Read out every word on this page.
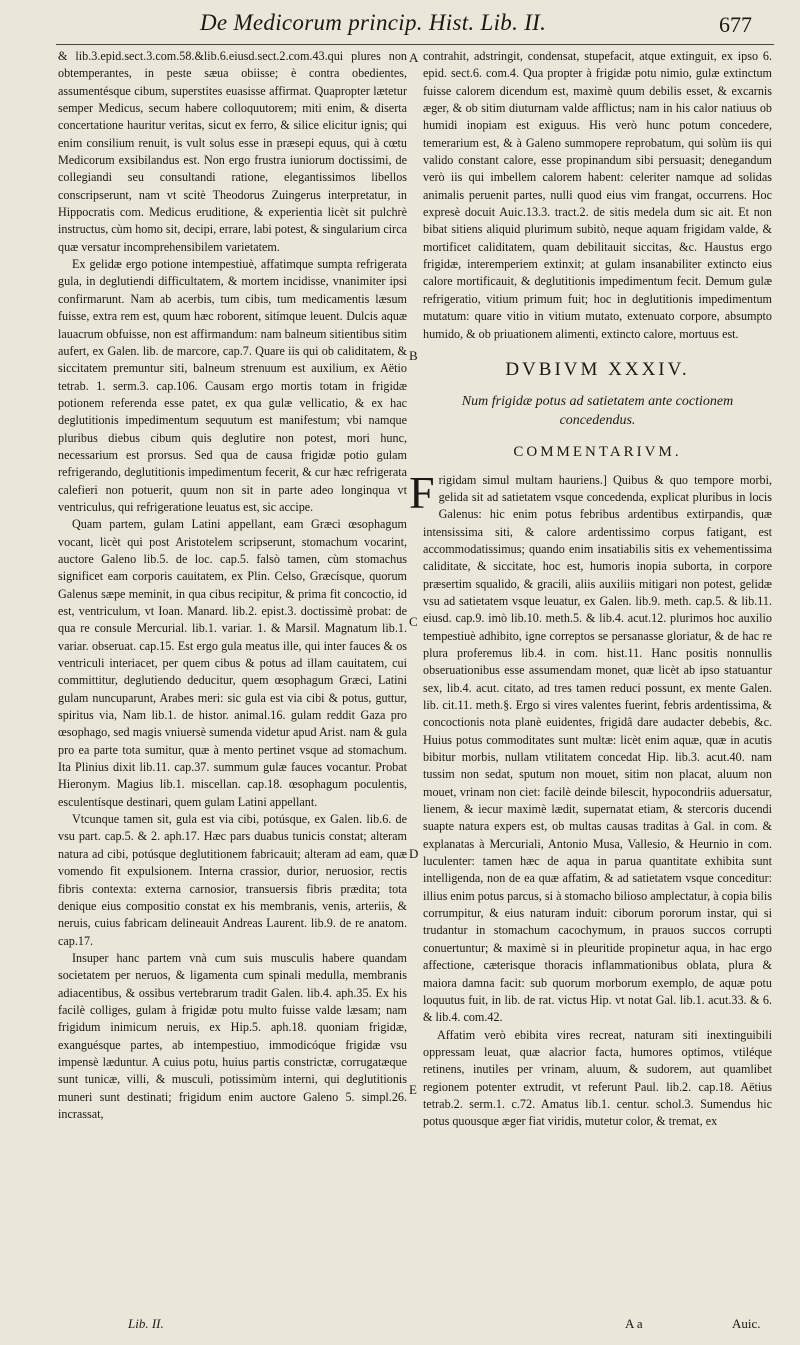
De Medicorum princip. Hist. Lib. II.	677

& lib.3.epid.sect.3.com.58.&lib.6.eiusd.sect.2.com.43.qui plures non obtemperantes, in peste sæua obiisse; è contra obedientes, assumentésque cibum, superstites euasisse affirmat. Quapropter lætetur semper Medicus, secum habere colloquutorem; miti enim, & diserta concertatione hauritur veritas, sicut ex ferro, & silice elicitur ignis; qui enim consilium renuit, is vult solus esse in præsepi equus, qui à cœtu Medicorum exsibilandus est. Non ergo frustra iuniorum doctissimi, de collegiandi seu consultandi ratione, elegantissimos libellos conscripserunt, nam vt scitè Theodorus Zuingerus interpretatur, in Hippocratis com. Medicus eruditione, & experientia licèt sit pulchrè instructus, cùm homo sit, decipi, errare, labi potest, & singularium circa quæ versatur incomprehensibilem varietatem.

Ex gelidæ ergo potione intempestiuè, affatimque sumpta refrigerata gula, in deglutiendi difficultatem, & mortem incidisse, vnanimiter ipsi confirmarunt. Nam ab acerbis, tum cibis, tum medicamentis læsum fuisse, extra rem est, quum hæc roborent, sitímque leuent. Dulcis aquæ lauacrum obfuisse, non est affirmandum: nam balneum sitientibus sitim aufert, ex Galen. lib. de marcore, cap.7. Quare iis qui ob caliditatem, & siccitatem premuntur siti, balneum strenuum est auxilium, ex Aëtio tetrab. 1. serm.3. cap.106. Causam ergo mortis totam in frigidæ potionem referenda esse patet, ex qua gulæ vellicatio, & ex hac deglutitionis impedimentum sequutum est manifestum; vbi namque pluribus diebus cibum quis deglutire non potest, mori hunc, necessarium est prorsus. Sed qua de causa frigidæ potio gulam refrigerando, deglutitionis impedimentum fecerit, & cur hæc refrigerata calefieri non potuerit, quum non sit in parte adeo longinqua vt ventriculus, qui refrigeratione leuatus est, sic accipe.

Quam partem, gulam Latini appellant, eam Græci œsophagum vocant, licèt qui post Aristotelem scripserunt, stomachum vocarint, auctore Galeno lib.5. de loc. cap.5. falsò tamen, cùm stomachus significet eam corporis cauitatem, ex Plin. Celso, Græcísque, quorum Galenus sæpe meminit, in qua cibus recipitur, & prima fit concoctio, id est, ventriculum, vt Ioan. Manard. lib.2. epist.3. doctissimè probat: de qua re consule Mercurial. lib.1. variar. 1. & Marsil. Magnatum lib.1. variar. obseruat. cap.15. Est ergo gula meatus ille, qui inter fauces & os ventriculi interiacet, per quem cibus & potus ad illam cauitatem, cui committitur, deglutiendo deducitur, quem œsophagum Græci, Latini gulam nuncuparunt, Arabes meri: sic gula est via cibi & potus, guttur, spiritus via, Nam lib.1. de histor. animal.16. gulam reddit Gaza pro œsophago, sed magis vniuersè sumenda videtur apud Arist. nam & gula pro ea parte tota sumitur, quæ à mento pertinet vsque ad stomachum. Ita Plinius dixit lib.11. cap.37. summum gulæ fauces vocantur. Probat Hieronym. Magius lib.1. miscellan. cap.18. œsophagum poculentis, esculentísque destinari, quem gulam Latini appellant.

Vtcunque tamen sit, gula est via cibi, potúsque, ex Galen. lib.6. de vsu part. cap.5. & 2. aph.17. Hæc pars duabus tunicis constat; alteram natura ad cibi, potúsque deglutitionem fabricauit; alteram ad eam, quæ vomendo fit expulsionem. Interna crassior, durior, neruosior, rectis fibris contexta: externa carnosior, transuersis fibris prædita; tota denique eius compositio constat ex his membranis, venis, arteriis, & neruis, cuius fabricam delineauit Andreas Laurent. lib.9. de re anatom. cap.17.

Insuper hanc partem vnà cum suis musculis habere quandam societatem per neruos, & ligamenta cum spinali medulla, membranis adiacentibus, & ossibus vertebrarum tradit Galen. lib.4. aph.35. Ex his facilè colliges, gulam à frigidæ potu multo fuisse valde læsam; nam frigidum inimicum neruis, ex Hip.5. aph.18. quoniam frigidæ, exanguésque partes, ab intempestiuo, immodicóque frigidæ vsu impensè læduntur. A cuius potu, huius partis constrictæ, corrugatæque sunt tunicæ, villi, & musculi, potissimùm interni, qui deglutitionis muneri sunt destinati; frigidum enim auctore Galeno 5. simpl.26. incrassat,

A
B
C
D
E

contrahit, adstringit, condensat, stupefacit, atque extinguit, ex ipso 6. epid. sect.6. com.4. Qua propter à frigidæ potu nimio, gulæ extinctum fuisse calorem dicendum est, maximè quum debilis esset, & excarnis æger, & ob sitim diuturnam valde afflictus; nam in his calor natiuus ob humidi inopiam est exiguus. His verò hunc potum concedere, temerarium est, & à Galeno summopere reprobatum, qui solùm iis qui valido constant calore, esse propinandum sibi persuasit; denegandum verò iis qui imbellem calorem habent: celeriter namque ad solidas animalis peruenit partes, nulli quod eius vim frangat, occurrens. Hoc expresè docuit Auic.13.3. tract.2. de sitis medela dum sic ait. Et non bibat sitiens aliquid plurimum subitò, neque aquam frigidam valde, & mortificet caliditatem, quam debilitauit siccitas, &c. Haustus ergo frigidæ, interemperiem extinxit; at gulam insanabiliter extincto eius calore mortificauit, & deglutitionis impedimentum fecit. Demum gulæ refrigeratio, vitium primum fuit; hoc in deglutitionis impedimentum mutatum: quare vitio in vitium mutato, extenuato corpore, absumpto humido, & ob priuationem alimenti, extincto calore, mortuus est.

DVBIVM XXXIV.
Num frigidæ potus ad satietatem ante coctionem concedendus.
COMMENTARIVM.

Frigidam simul multam hauriens.] Quibus & quo tempore morbi, gelida sit ad satietatem vsque concedenda, explicat pluribus in locis Galenus: hic enim potus febribus ardentibus extirpandis, quæ intensissima siti, & calore ardentissimo corpus fatigant, est accommodatissimus; quando enim insatiabilis sitis ex vehementissima caliditate, & siccitate, hoc est, humoris inopia suborta, in corpore præsertim squalido, & gracili, aliis auxiliis mitigari non potest, gelidæ vsu ad satietatem vsque leuatur, ex Galen. lib.9. meth. cap.5. & lib.11. eiusd. cap.9. imò lib.10. meth.5. & lib.4. acut.12. plurimos hoc auxilio tempestiuè adhibito, igne correptos se persanasse gloriatur, & de hac re plura proferemus lib.4. in com. hist.11. Hanc positis nonnullis obseruationibus esse assumendam monet, quæ licèt ab ipso statuantur sex, lib.4. acut. citato, ad tres tamen reduci possunt, ex mente Galen. lib. cit.11. meth.§. Ergo si vires valentes fuerint, febris ardentissima, & concoctionis nota planè euidentes, frigidâ dare audacter debebis, &c. Huius potus commoditates sunt multæ: licèt enim aquæ, quæ in acutis bibitur morbis, nullam vtilitatem concedat Hip. lib.3. acut.40. nam tussim non sedat, sputum non mouet, sitim non placat, aluum non mouet, vrinam non ciet: facilè deinde bilescit, hypocondriis aduersatur, lienem, & iecur maximè lædit, supernatat etiam, & stercoris ducendi suapte natura expers est, ob multas causas traditas à Gal. in com. & explanatas à Mercuriali, Antonio Musa, Vallesio, & Heurnio in com. luculenter: tamen hæc de aqua in parua quantitate exhibita sunt intelligenda, non de ea quæ affatim, & ad satietatem vsque conceditur: illius enim potus parcus, si à stomacho bilioso amplectatur, à copia bilis corrumpitur, & eius naturam induit: ciborum pororum instar, qui si trudantur in stomachum cacochymum, in prauos succos corrupti conuertuntur; & maximè si in pleuritide propinetur aqua, in hac ergo affectione, cæterisque thoracis inflammationibus oblata, plura & maiora damna facit: sub quorum morborum exemplo, de aquæ potu loquutus fuit, in lib. de rat. victus Hip. vt notat Gal. lib.1. acut.33. & 6. & lib.4. com.42.

Affatim verò ebibita vires recreat, naturam siti inextinguibili oppressam leuat, quæ alacrior facta, humores optimos, vtiléque retinens, inutiles per vrinam, aluum, & sudorem, aut quamlibet regionem potenter extrudit, vt referunt Paul. lib.2. cap.18. Aëtius tetrab.2. serm.1. c.72. Amatus lib.1. centur. schol.3. Sumendus hic potus quousque æger fiat viridis, mutetur color, & tremat, ex

Lib. II.	A a	Auic.
